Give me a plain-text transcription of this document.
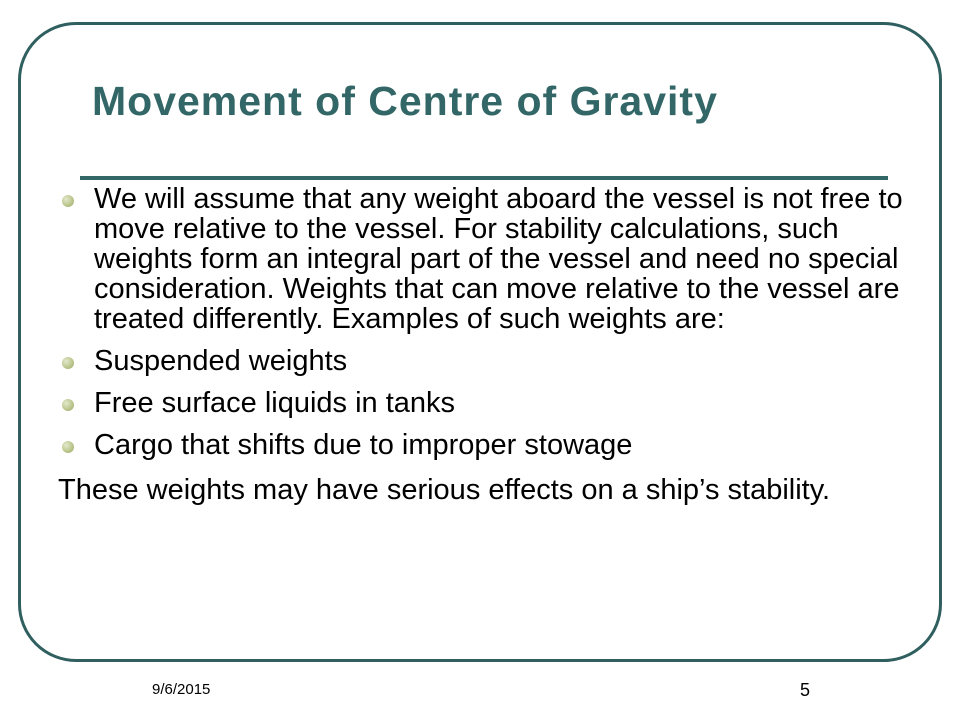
Movement of Centre of Gravity
We will assume that any weight aboard the vessel is not free to move relative to the vessel. For stability calculations, such weights form an integral part of the vessel and need no special consideration. Weights that can move relative to the vessel are treated differently. Examples of such weights are:
Suspended weights
Free surface liquids in tanks
Cargo that shifts due to improper stowage

These weights may have serious effects on a ship’s stability.

9/6/2015	5
